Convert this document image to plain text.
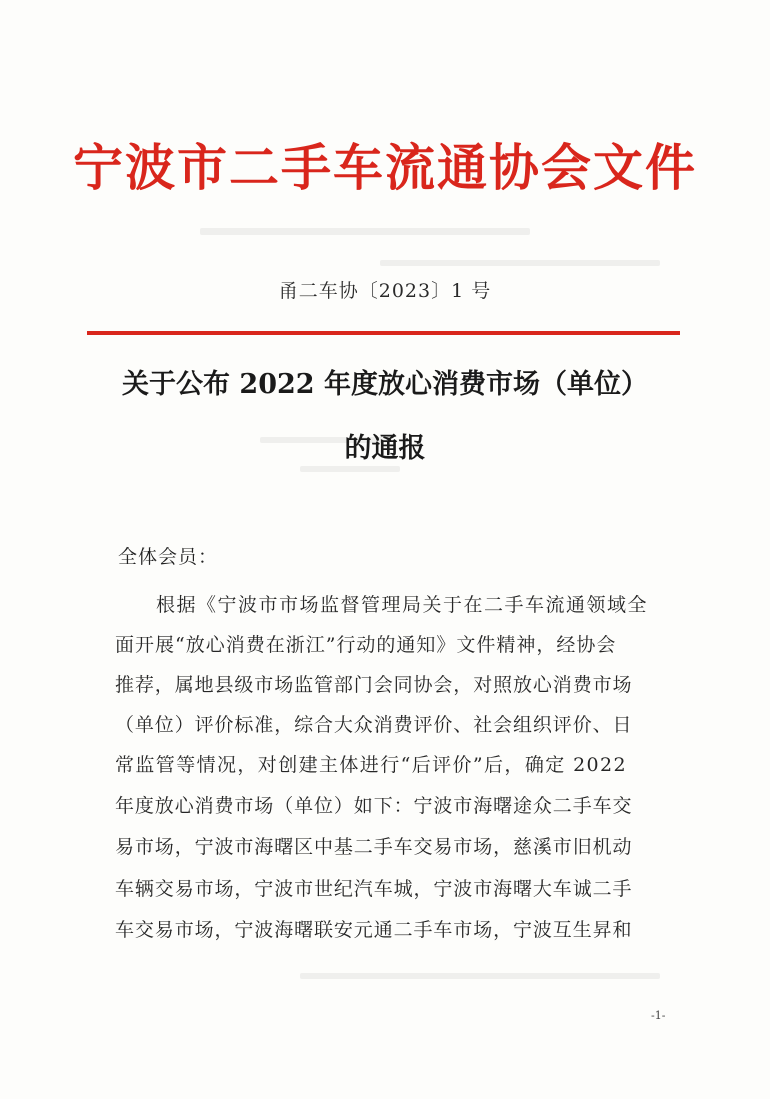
宁波市二手车流通协会文件
甬二车协〔2023〕1 号
关于公布 2022 年度放心消费市场（单位）
的通报
全体会员：
根据《宁波市市场监督管理局关于在二手车流通领域全
面开展“放心消费在浙江”行动的通知》文件精神，经协会
推荐，属地县级市场监管部门会同协会，对照放心消费市场
（单位）评价标准，综合大众消费评价、社会组织评价、日
常监管等情况，对创建主体进行“后评价”后，确定 2022
年度放心消费市场（单位）如下：宁波市海曙途众二手车交
易市场，宁波市海曙区中基二手车交易市场，慈溪市旧机动
车辆交易市场，宁波市世纪汽车城，宁波市海曙大车诚二手
车交易市场，宁波海曙联安元通二手车市场，宁波互生昇和
-1-
